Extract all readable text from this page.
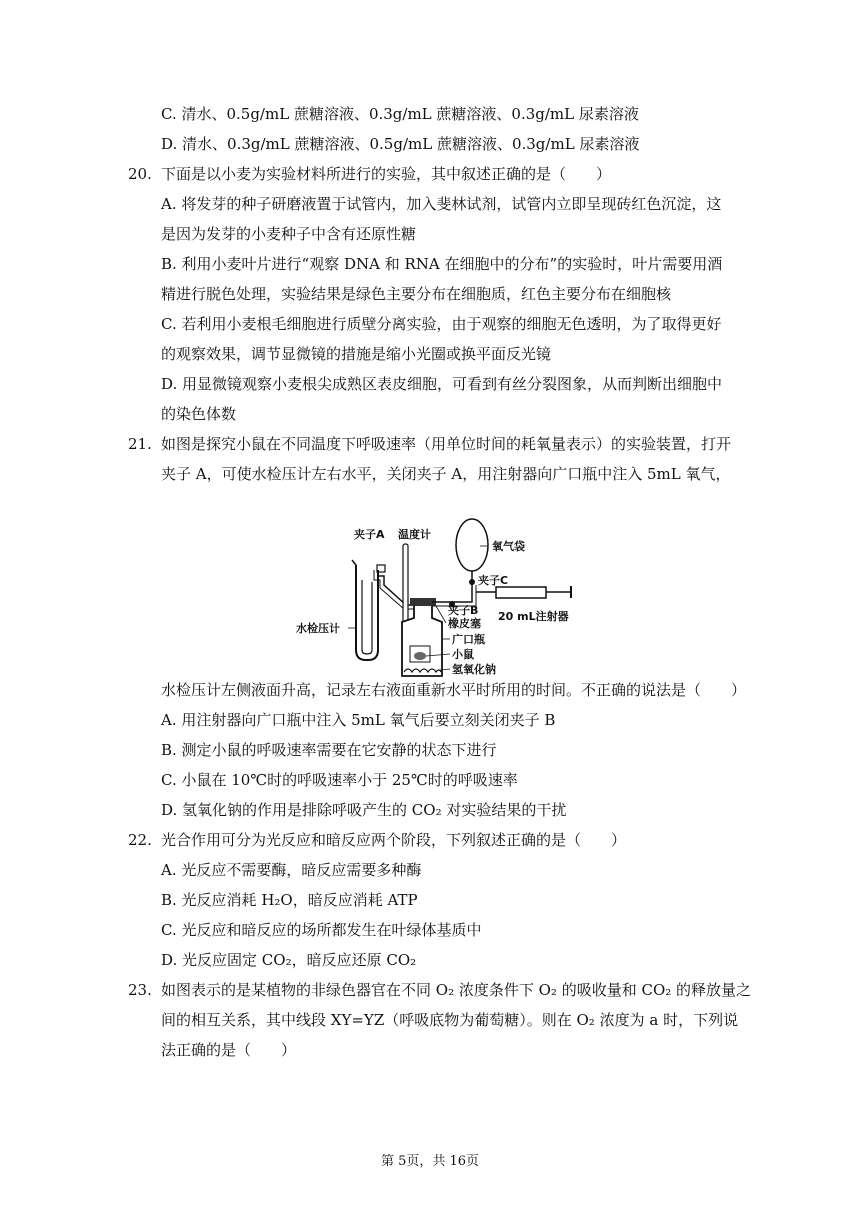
C. 清水、0.5g/mL 蔗糖溶液、0.3g/mL 蔗糖溶液、0.3g/mL 尿素溶液
D. 清水、0.3g/mL 蔗糖溶液、0.5g/mL 蔗糖溶液、0.3g/mL 尿素溶液
20. 下面是以小麦为实验材料所进行的实验，其中叙述正确的是（　　）
A. 将发芽的种子研磨液置于试管内，加入斐林试剂，试管内立即呈现砖红色沉淀，这
是因为发芽的小麦种子中含有还原性糖
B. 利用小麦叶片进行“观察 DNA 和 RNA 在细胞中的分布”的实验时，叶片需要用酒
精进行脱色处理，实验结果是绿色主要分布在细胞质，红色主要分布在细胞核
C. 若利用小麦根毛细胞进行质壁分离实验，由于观察的细胞无色透明，为了取得更好
的观察效果，调节显微镜的措施是缩小光圈或换平面反光镜
D. 用显微镜观察小麦根尖成熟区表皮细胞，可看到有丝分裂图象，从而判断出细胞中
的染色体数
21. 如图是探究小鼠在不同温度下呼吸速率（用单位时间的耗氧量表示）的实验装置，打开
夹子 A，可使水检压计左右水平，关闭夹子 A，用注射器向广口瓶中注入 5mL 氧气，
夹子A 温度计
氧气袋
夹子C
夹子B
橡皮塞
20 mL注射器
水检压计
广口瓶
小鼠
氢氧化钠
水检压计左侧液面升高，记录左右液面重新水平时所用的时间。不正确的说法是（　　）
A. 用注射器向广口瓶中注入 5mL 氧气后要立刻关闭夹子 B
B. 测定小鼠的呼吸速率需要在它安静的状态下进行
C. 小鼠在 10℃时的呼吸速率小于 25℃时的呼吸速率
D. 氢氧化钠的作用是排除呼吸产生的 CO₂ 对实验结果的干扰
22. 光合作用可分为光反应和暗反应两个阶段，下列叙述正确的是（　　）
A. 光反应不需要酶，暗反应需要多种酶
B. 光反应消耗 H₂O，暗反应消耗 ATP
C. 光反应和暗反应的场所都发生在叶绿体基质中
D. 光反应固定 CO₂，暗反应还原 CO₂
23. 如图表示的是某植物的非绿色器官在不同 O₂ 浓度条件下 O₂ 的吸收量和 CO₂ 的释放量之
间的相互关系，其中线段 XY=YZ（呼吸底物为葡萄糖）。则在 O₂ 浓度为 a 时，下列说
法正确的是（　　）
第 5页，共 16页
